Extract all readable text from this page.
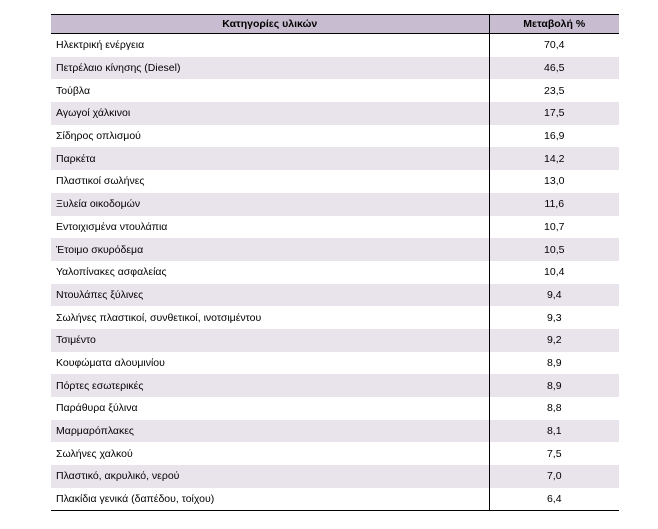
Κατηγορίες υλικών	Μεταβολή %
Ηλεκτρική ενέργεια	70,4
Πετρέλαιο κίνησης (Diesel)	46,5
Τούβλα	23,5
Αγωγοί χάλκινοι	17,5
Σίδηρος οπλισμού	16,9
Παρκέτα	14,2
Πλαστικοί σωλήνες	13,0
Ξυλεία οικοδομών	11,6
Εντοιχισμένα ντουλάπια	10,7
Έτοιμο σκυρόδεμα	10,5
Υαλοπίνακες ασφαλείας	10,4
Ντουλάπες ξύλινες	9,4
Σωλήνες πλαστικοί, συνθετικοί, ινοτσιμέντου	9,3
Τσιμέντο	9,2
Κουφώματα αλουμινίου	8,9
Πόρτες εσωτερικές	8,9
Παράθυρα ξύλινα	8,8
Μαρμαρόπλακες	8,1
Σωλήνες χαλκού	7,5
Πλαστικό, ακρυλικό, νερού	7,0
Πλακίδια γενικά (δαπέδου, τοίχου)	6,4
